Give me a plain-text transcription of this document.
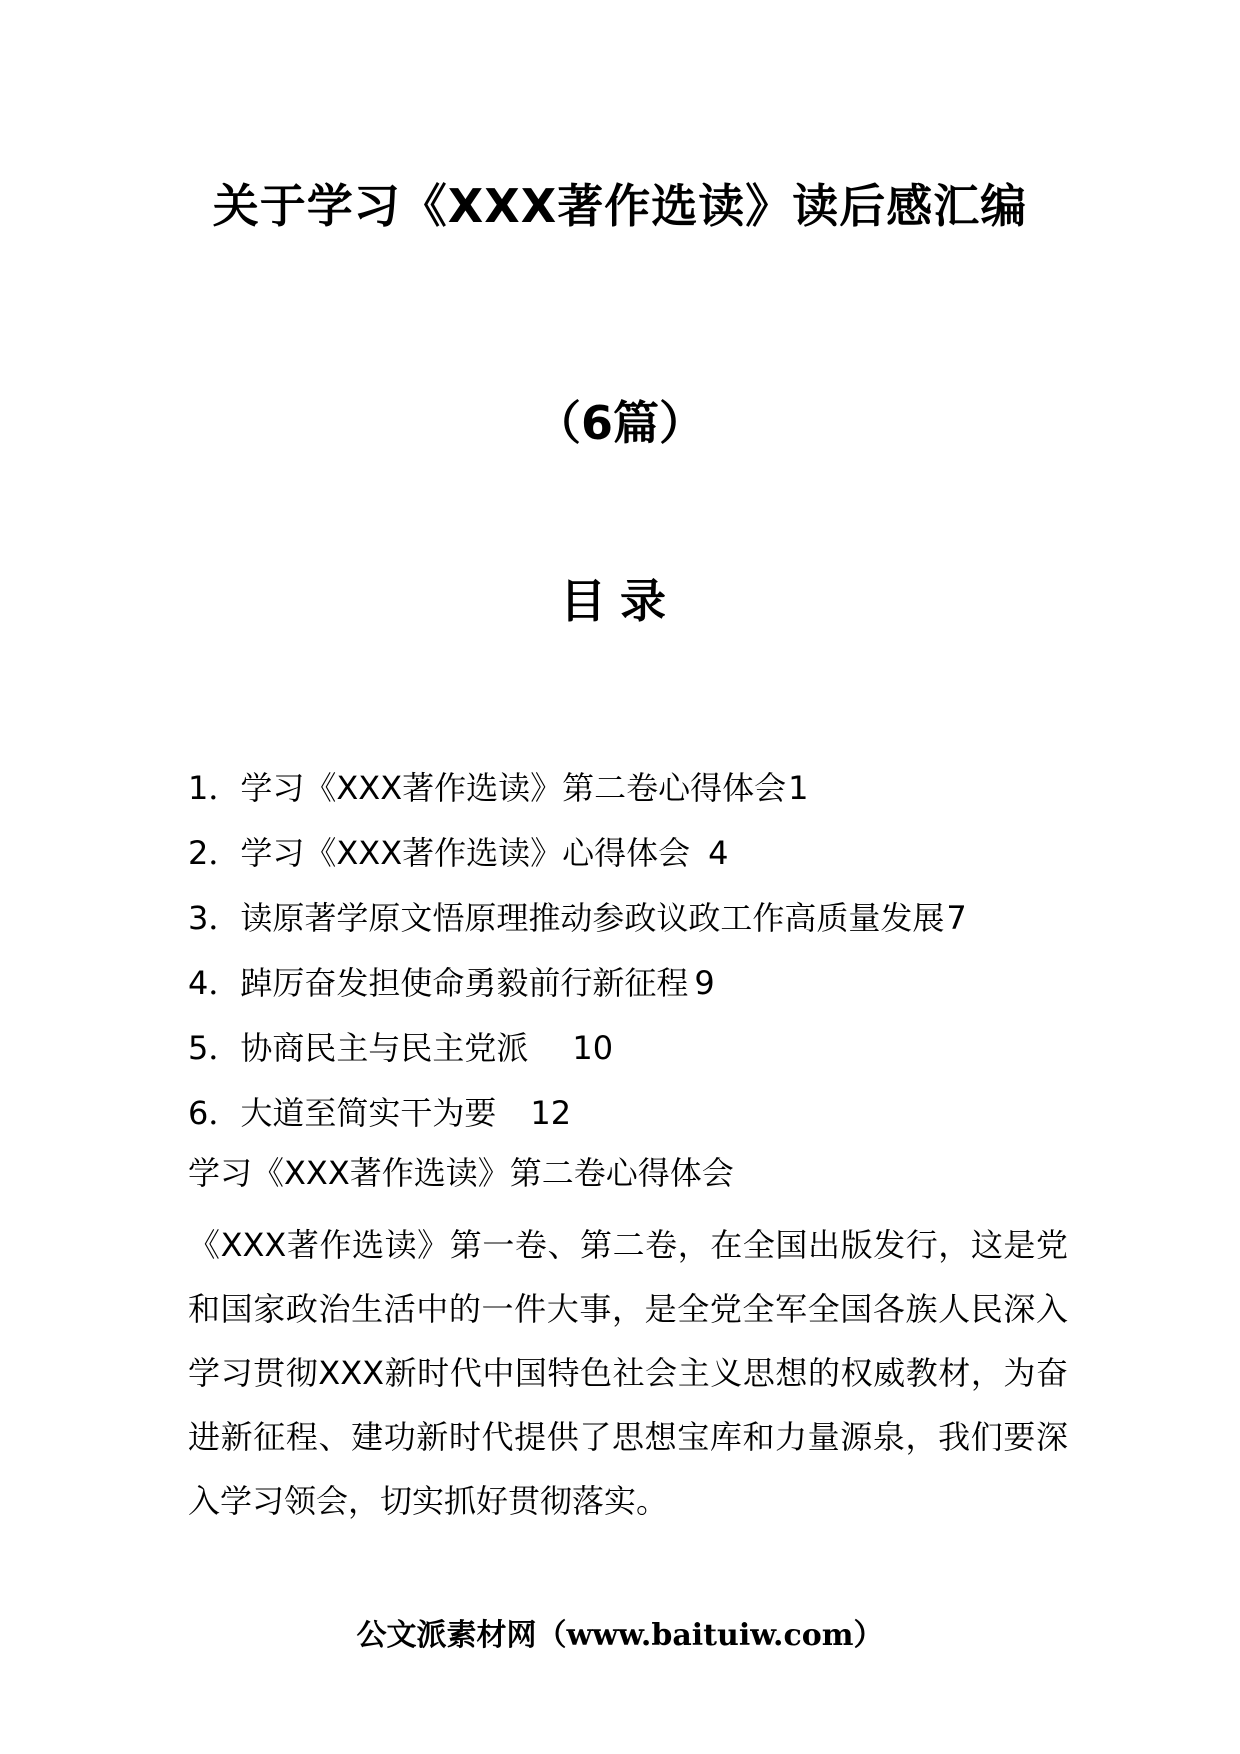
关于学习《XXX著作选读》读后感汇编
（6篇）
目录
1．学习《XXX著作选读》第二卷心得体会1
2．学习《XXX著作选读》心得体会 4
3．读原著学原文悟原理推动参政议政工作高质量发展7
4．踔厉奋发担使命勇毅前行新征程 9
5．协商民主与民主党派 10
6．大道至简实干为要 12
学习《XXX著作选读》第二卷心得体会

《XXX著作选读》第一卷、第二卷，在全国出版发行，这是党和国家政治生活中的一件大事，是全党全军全国各族人民深入学习贯彻XXX新时代中国特色社会主义思想的权威教材，为奋进新征程、建功新时代提供了思想宝库和力量源泉，我们要深入学习领会，切实抓好贯彻落实。

公文派素材网（www.baituiw.com）
